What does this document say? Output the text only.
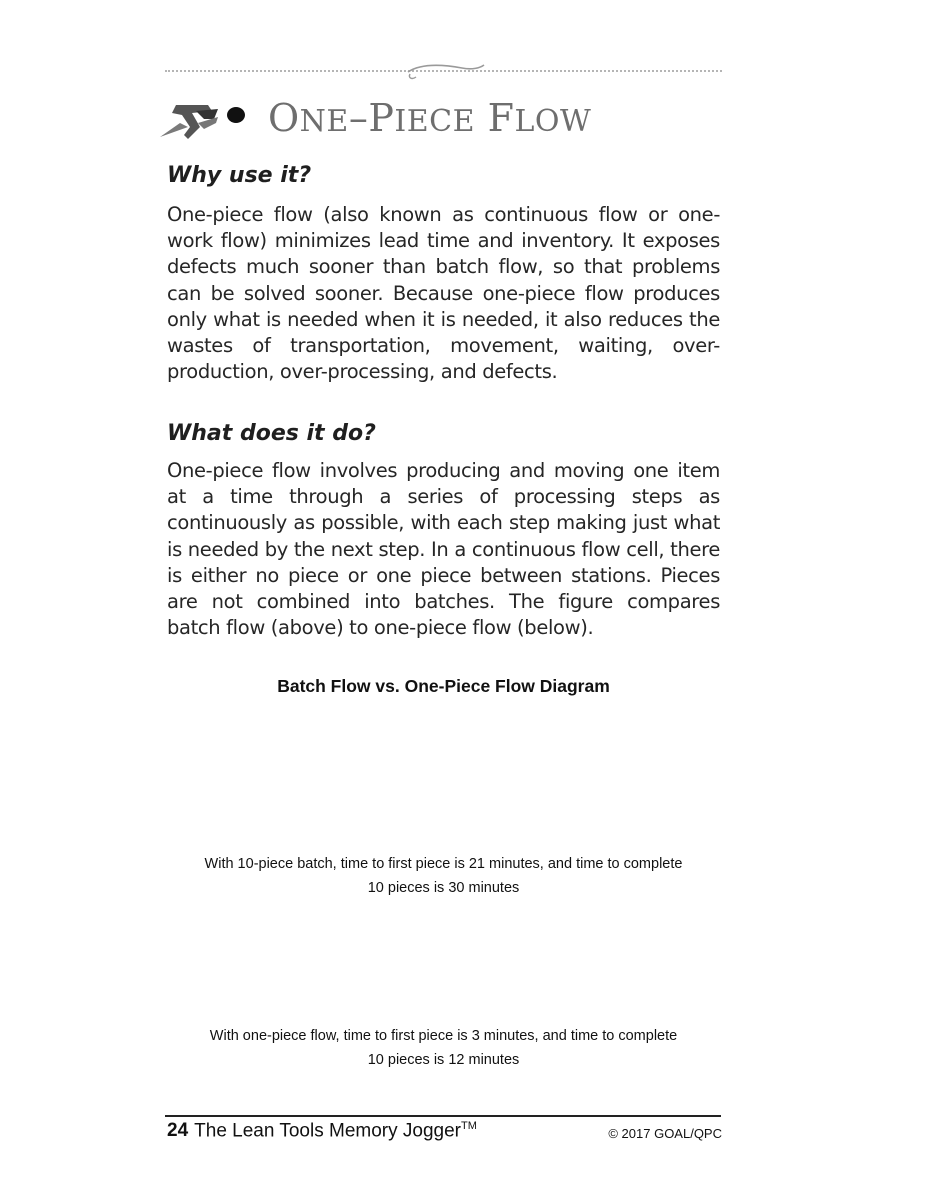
ONE–PIECE FLOW
Why use it?

One-piece flow (also known as continuous flow or one-work flow) minimizes lead time and inventory. It exposes defects much sooner than batch flow, so that problems can be solved sooner. Because one-piece flow produces only what is needed when it is needed, it also reduces the wastes of transportation, movement, waiting, over-production, over-processing, and defects.

What does it do?

One-piece flow involves producing and moving one item at a time through a series of processing steps as continuously as possible, with each step making just what is needed by the next step. In a continuous flow cell, there is either no piece or one piece between stations. Pieces are not combined into batches. The figure compares batch flow (above) to one-piece flow (below).

Batch Flow vs. One-Piece Flow Diagram
With 10-piece batch, time to first piece is 21 minutes, and time to complete
10 pieces is 30 minutes
With one-piece flow, time to first piece is 3 minutes, and time to complete
10 pieces is 12 minutes
24 The Lean Tools Memory Jogger™	© 2017 GOAL/QPC
